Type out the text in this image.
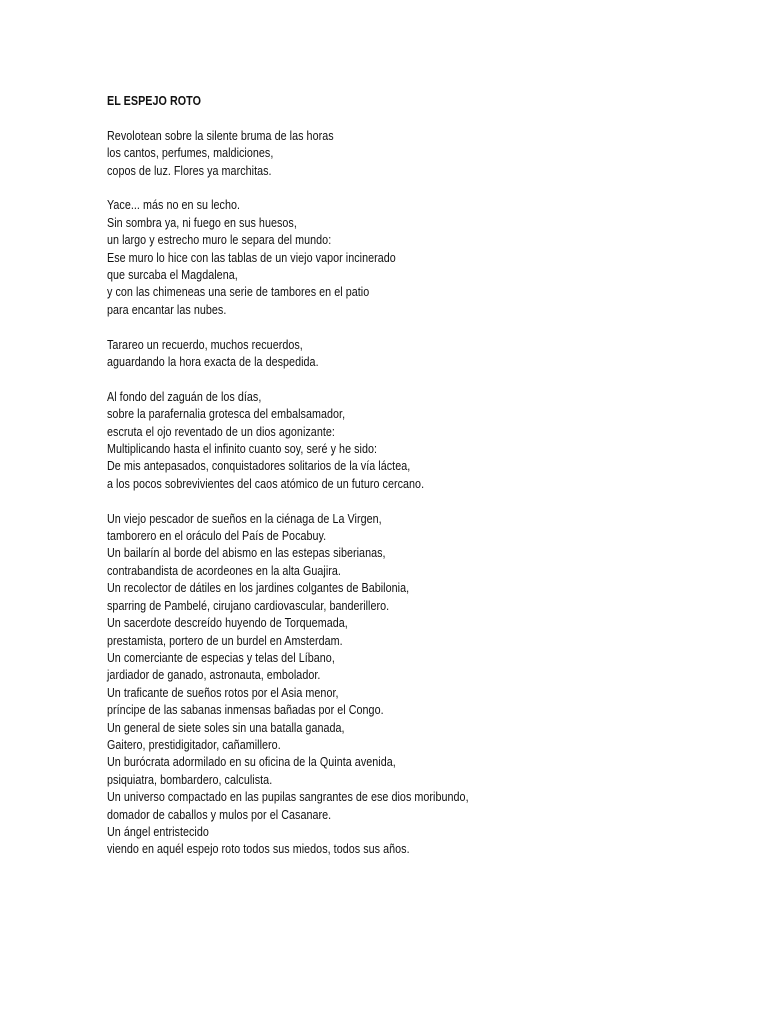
EL ESPEJO ROTO
Revolotean sobre la silente bruma de las horas
los cantos, perfumes, maldiciones,
copos de luz. Flores ya marchitas.
Yace... más no en su lecho.
Sin sombra ya, ni fuego en sus huesos,
un largo y estrecho muro le separa del mundo:
Ese muro lo hice con las tablas de un viejo vapor incinerado
que surcaba el Magdalena,
y con las chimeneas una serie de tambores en el patio
para encantar las nubes.
Tarareo un recuerdo, muchos recuerdos,
aguardando la hora exacta de la despedida.
Al fondo del zaguán de los días,
sobre la parafernalia grotesca del embalsamador,
escruta el ojo reventado de un dios agonizante:
Multiplicando hasta el infinito cuanto soy, seré y he sido:
De mis antepasados, conquistadores solitarios de la vía láctea,
a los pocos sobrevivientes del caos atómico de un futuro cercano.
Un viejo pescador de sueños en la ciénaga de La Virgen,
tamborero en el oráculo del País de Pocabuy.
Un bailarín al borde del abismo en las estepas siberianas,
contrabandista de acordeones en la alta Guajira.
Un recolector de dátiles en los jardines colgantes de Babilonia,
sparring de Pambelé, cirujano cardiovascular, banderillero.
Un sacerdote descreído huyendo de Torquemada,
prestamista, portero de un burdel en Amsterdam.
Un comerciante de especias y telas del Líbano,
jardiador de ganado, astronauta, embolador.
Un traficante de sueños rotos por el Asia menor,
príncipe de las sabanas inmensas bañadas por el Congo.
Un general de siete soles sin una batalla ganada,
Gaitero, prestidigitador, cañamillero.
Un burócrata adormilado en su oficina de la Quinta avenida,
psiquiatra, bombardero, calculista.
Un universo compactado en las pupilas sangrantes de ese dios moribundo,
domador de caballos y mulos por el Casanare.
Un ángel entristecido
viendo en aquél espejo roto todos sus miedos, todos sus años.
